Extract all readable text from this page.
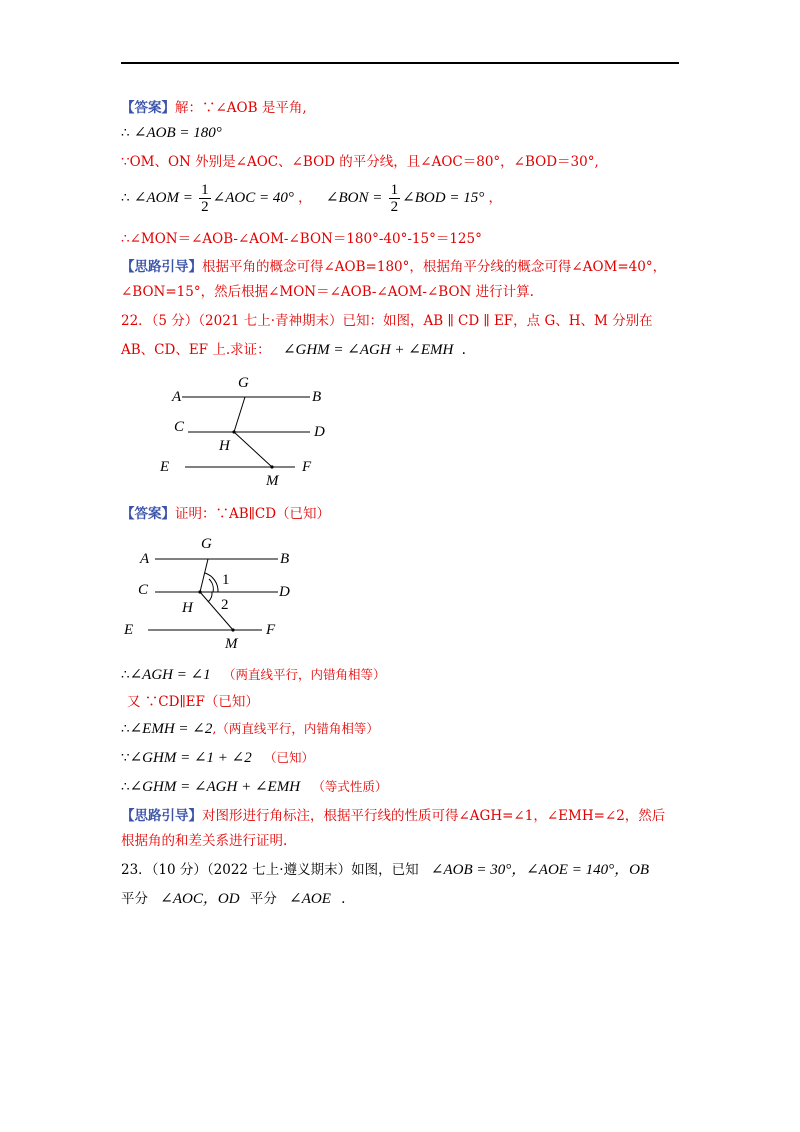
【答案】解：∵∠AOB 是平角,
∴ ∠AOB = 180°
∵OM、ON 外别是∠AOC、∠BOD 的平分线，且∠AOC＝80°，∠BOD＝30°,
∴ ∠AOM = $\frac{1}{2}$ ∠AOC = 40° ， ∠BON = $\frac{1}{2}$ ∠BOD = 15° ，
∴∠MON＝∠AOB-∠AOM-∠BON＝180°-40°-15°＝125°
【思路引导】根据平角的概念可得∠AOB=180°，根据角平分线的概念可得∠AOM=40°，
∠BON=15°，然后根据∠MON＝∠AOB-∠AOM-∠BON 进行计算.
22．（5 分）（2021 七上·青神期末）已知：如图，AB ∥ CD ∥ EF，点 G、H、M 分别在
AB、CD、EF 上.求证： ∠GHM = ∠AGH + ∠EMH .
A	B
G
C	D
H
E	F
M
【答案】证明：∵AB∥CD（已知）
A	B
G
C	D
1
H 2
E	F
M
∴∠AGH = ∠1 （两直线平行，内错角相等）
又 ∵CD∥EF（已知）
∴∠EMH = ∠2,（两直线平行，内错角相等）
∵∠GHM = ∠1 + ∠2 （已知）
∴∠GHM = ∠AGH + ∠EMH （等式性质）
【思路引导】对图形进行角标注，根据平行线的性质可得∠AGH=∠1，∠EMH=∠2，然后
根据角的和差关系进行证明.
23．（10 分）（2022 七上·遵义期末）如图，已知 ∠AOB = 30°，∠AOE = 140°，OB
平分 ∠AOC，OD 平分 ∠AOE .
